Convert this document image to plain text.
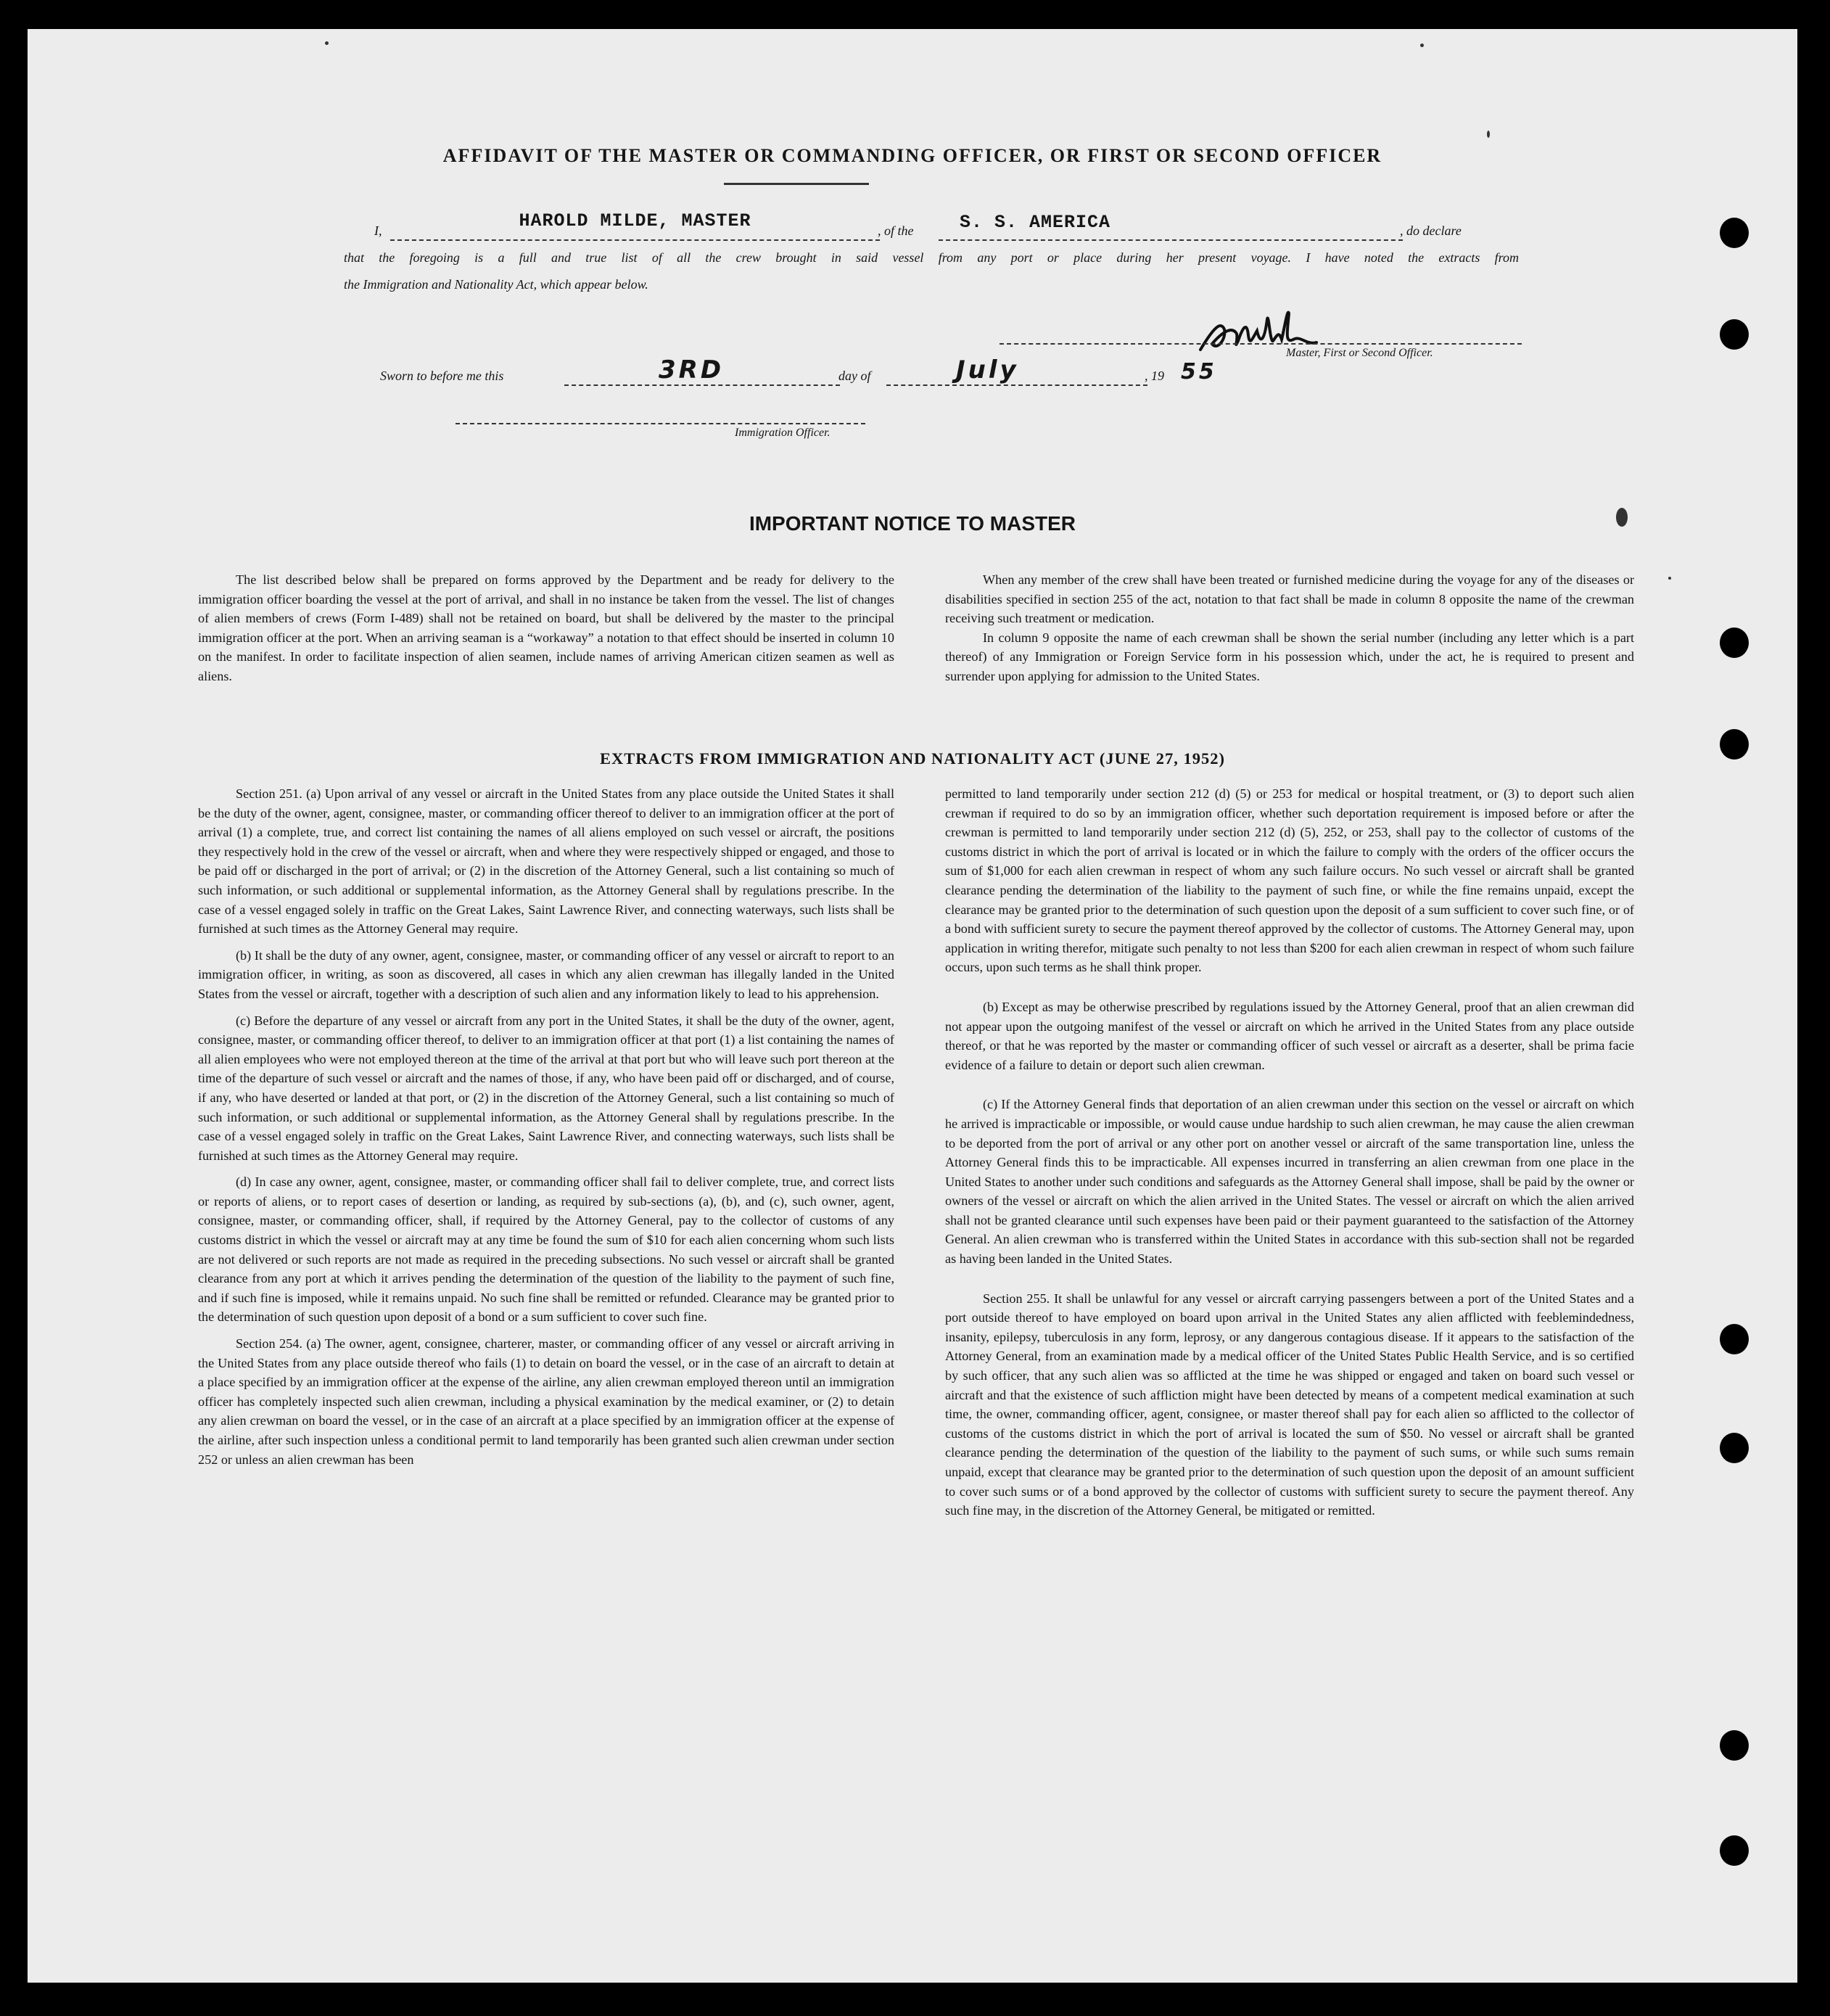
AFFIDAVIT OF THE MASTER OR COMMANDING OFFICER, OR FIRST OR SECOND OFFICER
I,	HAROLD MILDE, MASTER	, of the	S. S. AMERICA	, do declare
that the foregoing is a full and true list of all the crew brought in said vessel from any port or place during her present voyage. I have noted the extracts from
the Immigration and Nationality Act, which appear below.
Master, First or Second Officer.
Sworn to before me this	3RD	day of	July	, 19 55
Immigration Officer.
IMPORTANT NOTICE TO MASTER

The list described below shall be prepared on forms approved by the Department and be ready for delivery to the immigration officer boarding the vessel at the port of arrival, and shall in no instance be taken from the vessel. The list of changes of alien members of crews (Form I-489) shall not be retained on board, but shall be delivered by the master to the principal immigration officer at the port. When an arriving seaman is a “workaway” a notation to that effect should be inserted in column 10 on the manifest. In order to facilitate inspection of alien seamen, include names of arriving American citizen seamen as well as aliens.

When any member of the crew shall have been treated or furnished medicine during the voyage for any of the diseases or disabilities specified in section 255 of the act, notation to that fact shall be made in column 8 opposite the name of the crewman receiving such treatment or medication.

In column 9 opposite the name of each crewman shall be shown the serial number (including any letter which is a part thereof) of any Immigration or Foreign Service form in his possession which, under the act, he is required to present and surrender upon applying for admission to the United States.

EXTRACTS FROM IMMIGRATION AND NATIONALITY ACT (JUNE 27, 1952)

Section 251. (a) Upon arrival of any vessel or aircraft in the United States from any place outside the United States it shall be the duty of the owner, agent, consignee, master, or commanding officer thereof to deliver to an immigration officer at the port of arrival (1) a complete, true, and correct list containing the names of all aliens employed on such vessel or aircraft, the positions they respectively hold in the crew of the vessel or aircraft, when and where they were respectively shipped or engaged, and those to be paid off or discharged in the port of arrival; or (2) in the discretion of the Attorney General, such a list containing so much of such information, or such additional or supplemental information, as the Attorney General shall by regulations prescribe. In the case of a vessel engaged solely in traffic on the Great Lakes, Saint Lawrence River, and connecting waterways, such lists shall be furnished at such times as the Attorney General may require.

(b) It shall be the duty of any owner, agent, consignee, master, or commanding officer of any vessel or aircraft to report to an immigration officer, in writing, as soon as discovered, all cases in which any alien crewman has illegally landed in the United States from the vessel or aircraft, together with a description of such alien and any information likely to lead to his apprehension.

(c) Before the departure of any vessel or aircraft from any port in the United States, it shall be the duty of the owner, agent, consignee, master, or commanding officer thereof, to deliver to an immigration officer at that port (1) a list containing the names of all alien employees who were not employed thereon at the time of the arrival at that port but who will leave such port thereon at the time of the departure of such vessel or aircraft and the names of those, if any, who have been paid off or discharged, and of course, if any, who have deserted or landed at that port, or (2) in the discretion of the Attorney General, such a list containing so much of such information, or such additional or supplemental information, as the Attorney General shall by regulations prescribe. In the case of a vessel engaged solely in traffic on the Great Lakes, Saint Lawrence River, and connecting waterways, such lists shall be furnished at such times as the Attorney General may require.

(d) In case any owner, agent, consignee, master, or commanding officer shall fail to deliver complete, true, and correct lists or reports of aliens, or to report cases of desertion or landing, as required by sub-sections (a), (b), and (c), such owner, agent, consignee, master, or commanding officer, shall, if required by the Attorney General, pay to the collector of customs of any customs district in which the vessel or aircraft may at any time be found the sum of $10 for each alien concerning whom such lists are not delivered or such reports are not made as required in the preceding subsections. No such vessel or aircraft shall be granted clearance from any port at which it arrives pending the determination of the question of the liability to the payment of such fine, and if such fine is imposed, while it remains unpaid. No such fine shall be remitted or refunded. Clearance may be granted prior to the determination of such question upon deposit of a bond or a sum sufficient to cover such fine.

Section 254. (a) The owner, agent, consignee, charterer, master, or commanding officer of any vessel or aircraft arriving in the United States from any place outside thereof who fails (1) to detain on board the vessel, or in the case of an aircraft to detain at a place specified by an immigration officer at the expense of the airline, any alien crewman employed thereon until an immigration officer has completely inspected such alien crewman, including a physical examination by the medical examiner, or (2) to detain any alien crewman on board the vessel, or in the case of an aircraft at a place specified by an immigration officer at the expense of the airline, after such inspection unless a conditional permit to land temporarily has been granted such alien crewman under section 252 or unless an alien crewman has been

permitted to land temporarily under section 212 (d) (5) or 253 for medical or hospital treatment, or (3) to deport such alien crewman if required to do so by an immigration officer, whether such deportation requirement is imposed before or after the crewman is permitted to land temporarily under section 212 (d) (5), 252, or 253, shall pay to the collector of customs of the customs district in which the port of arrival is located or in which the failure to comply with the orders of the officer occurs the sum of $1,000 for each alien crewman in respect of whom any such failure occurs. No such vessel or aircraft shall be granted clearance pending the determination of the liability to the payment of such fine, or while the fine remains unpaid, except the clearance may be granted prior to the determination of such question upon the deposit of a sum sufficient to cover such fine, or of a bond with sufficient surety to secure the payment thereof approved by the collector of customs. The Attorney General may, upon application in writing therefor, mitigate such penalty to not less than $200 for each alien crewman in respect of whom such failure occurs, upon such terms as he shall think proper.

(b) Except as may be otherwise prescribed by regulations issued by the Attorney General, proof that an alien crewman did not appear upon the outgoing manifest of the vessel or aircraft on which he arrived in the United States from any place outside thereof, or that he was reported by the master or commanding officer of such vessel or aircraft as a deserter, shall be prima facie evidence of a failure to detain or deport such alien crewman.

(c) If the Attorney General finds that deportation of an alien crewman under this section on the vessel or aircraft on which he arrived is impracticable or impossible, or would cause undue hardship to such alien crewman, he may cause the alien crewman to be deported from the port of arrival or any other port on another vessel or aircraft of the same transportation line, unless the Attorney General finds this to be impracticable. All expenses incurred in transferring an alien crewman from one place in the United States to another under such conditions and safeguards as the Attorney General shall impose, shall be paid by the owner or owners of the vessel or aircraft on which the alien arrived in the United States. The vessel or aircraft on which the alien arrived shall not be granted clearance until such expenses have been paid or their payment guaranteed to the satisfaction of the Attorney General. An alien crewman who is transferred within the United States in accordance with this sub-section shall not be regarded as having been landed in the United States.

Section 255. It shall be unlawful for any vessel or aircraft carrying passengers between a port of the United States and a port outside thereof to have employed on board upon arrival in the United States any alien afflicted with feeblemindedness, insanity, epilepsy, tuberculosis in any form, leprosy, or any dangerous contagious disease. If it appears to the satisfaction of the Attorney General, from an examination made by a medical officer of the United States Public Health Service, and is so certified by such officer, that any such alien was so afflicted at the time he was shipped or engaged and taken on board such vessel or aircraft and that the existence of such affliction might have been detected by means of a competent medical examination at such time, the owner, commanding officer, agent, consignee, or master thereof shall pay for each alien so afflicted to the collector of customs of the customs district in which the port of arrival is located the sum of $50. No vessel or aircraft shall be granted clearance pending the determination of the question of the liability to the payment of such sums, or while such sums remain unpaid, except that clearance may be granted prior to the determination of such question upon the deposit of an amount sufficient to cover such sums or of a bond approved by the collector of customs with sufficient surety to secure the payment thereof. Any such fine may, in the discretion of the Attorney General, be mitigated or remitted.
